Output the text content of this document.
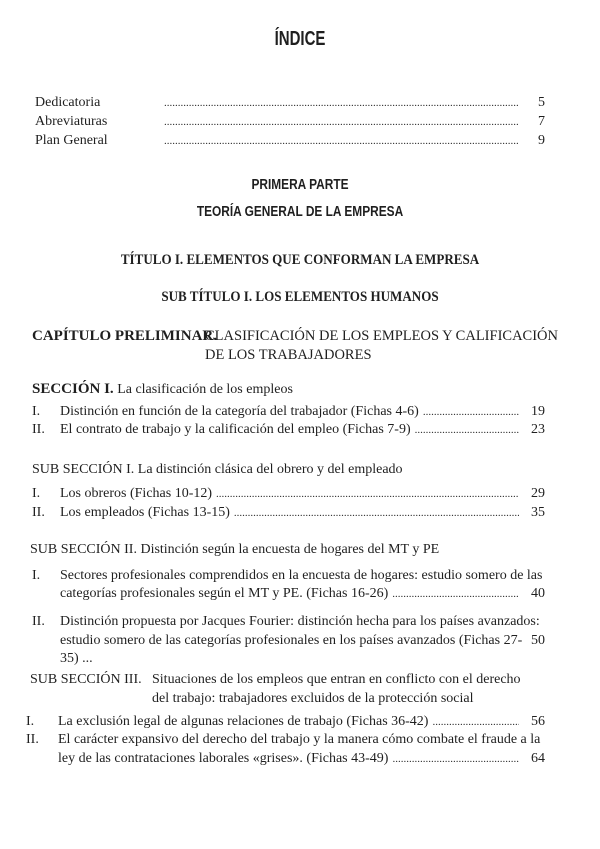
ÍNDICE
Dedicatoria .....	5
Abreviaturas .....	7
Plan General .....	9
PRIMERA PARTE
TEORÍA GENERAL DE LA EMPRESA
TÍTULO I. ELEMENTOS QUE CONFORMAN LA EMPRESA
SUB TÍTULO I. LOS ELEMENTOS HUMANOS
CAPÍTULO PRELIMINAR.
CLASIFICACIÓN DE LOS EMPLEOS Y CALIFICACIÓN
DE LOS TRABAJADORES
SECCIÓN I. La clasificación de los empleos
I. Distinción en función de la categoría del trabajador (Fichas 4-6) .....	19
II. El contrato de trabajo y la calificación del empleo (Fichas 7-9) .....	23
SUB SECCIÓN I. La distinción clásica del obrero y del empleado
I. Los obreros (Fichas 10-12) .....	29
II. Los empleados (Fichas 13-15) .....	35
SUB SECCIÓN II. Distinción según la encuesta de hogares del MT y PE
I. Sectores profesionales comprendidos en la encuesta de hogares: estudio somero de las
categorías profesionales según el MT y PE. (Fichas 16-26) .....	40
II. Distinción propuesta por Jacques Fourier: distinción hecha para los países avanzados:
estudio somero de las categorías profesionales en los países avanzados (Fichas 27-35) ...
50
SUB SECCIÓN III. Situaciones de los empleos que entran en conflicto con el derecho
del trabajo: trabajadores excluidos de la protección social
I. La exclusión legal de algunas relaciones de trabajo (Fichas 36-42) .....	56
II. El carácter expansivo del derecho del trabajo y la manera cómo combate el fraude a la
ley de las contrataciones laborales «grises». (Fichas 43-49) .....	64
